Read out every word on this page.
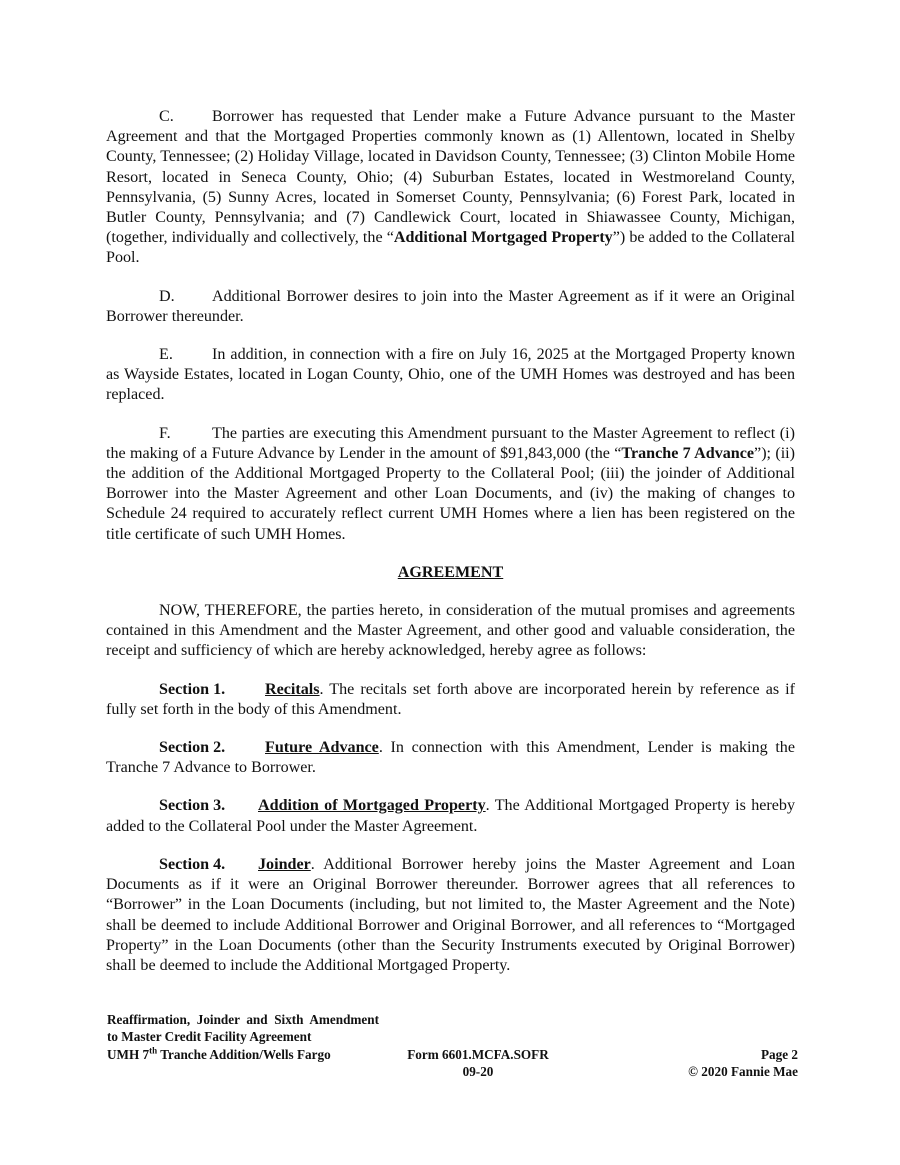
C. Borrower has requested that Lender make a Future Advance pursuant to the Master Agreement and that the Mortgaged Properties commonly known as (1) Allentown, located in Shelby County, Tennessee; (2) Holiday Village, located in Davidson County, Tennessee; (3) Clinton Mobile Home Resort, located in Seneca County, Ohio; (4) Suburban Estates, located in Westmoreland County, Pennsylvania, (5) Sunny Acres, located in Somerset County, Pennsylvania; (6) Forest Park, located in Butler County, Pennsylvania; and (7) Candlewick Court, located in Shiawassee County, Michigan, (together, individually and collectively, the “Additional Mortgaged Property”) be added to the Collateral Pool.

D. Additional Borrower desires to join into the Master Agreement as if it were an Original Borrower thereunder.

E. In addition, in connection with a fire on July 16, 2025 at the Mortgaged Property known as Wayside Estates, located in Logan County, Ohio, one of the UMH Homes was destroyed and has been replaced.

F.	The parties are executing this Amendment pursuant to the Master Agreement to reflect (i) the making of a Future Advance by Lender in the amount of $91,843,000 (the “Tranche 7 Advance”); (ii) the addition of the Additional Mortgaged Property to the Collateral Pool; (iii) the joinder of Additional Borrower into the Master Agreement and other Loan Documents, and (iv) the making of changes to Schedule 24 required to accurately reflect current UMH Homes where a lien has been registered on the title certificate of such UMH Homes.

AGREEMENT

NOW, THEREFORE, the parties hereto, in consideration of the mutual promises and agreements contained in this Amendment and the Master Agreement, and other good and valuable consideration, the receipt and sufficiency of which are hereby acknowledged, hereby agree as follows:

Section 1. Recitals. The recitals set forth above are incorporated herein by reference as if fully set forth in the body of this Amendment.

Section 2. Future Advance. In connection with this Amendment, Lender is making the Tranche 7 Advance to Borrower.

Section 3. Addition of Mortgaged Property. The Additional Mortgaged Property is hereby added to the Collateral Pool under the Master Agreement.

Section 4. Joinder. Additional Borrower hereby joins the Master Agreement and Loan Documents as if it were an Original Borrower thereunder. Borrower agrees that all references to “Borrower” in the Loan Documents (including, but not limited to, the Master Agreement and the Note) shall be deemed to include Additional Borrower and Original Borrower, and all references to “Mortgaged Property” in the Loan Documents (other than the Security Instruments executed by Original Borrower) shall be deemed to include the Additional Mortgaged Property.

Reaffirmation, Joinder and Sixth Amendment to Master Credit Facility Agreement
UMH 7th Tranche Addition/Wells Fargo	Form 6601.MCFA.SOFR
09-20
Page 2
© 2020 Fannie Mae
